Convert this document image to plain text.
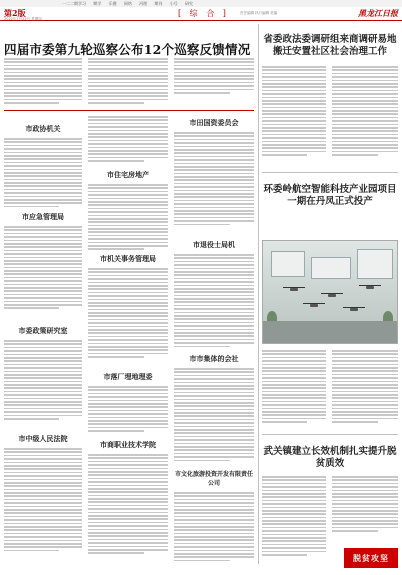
一二二期学习 期学 乐搜 网络 河理 期刊 小号 研究
第2版
2022年7月21日 星期四
[ 综 合 ]	责任编辑 执行编辑 美编	黑龙江日报
四届市委第九轮巡察公布12个巡察反馈情况
市政协机关
市应急管理局
市委政策研究室
市中级人民法院
市住宅房地产
市机关事务管理局
市落厂埋地理委
市商职业技术学院
市田国资委员会
市退役士局机
市市集体的会社
市文化旅游投资开发有限责任公司
省委政法委调研组来商调研易地搬迁安置社区社会治理工作
环委岭航空智能科技产业园项目一期在丹凤正式投产
武关镇建立长效机制扎实提升脱贫质效
脱贫攻坚
